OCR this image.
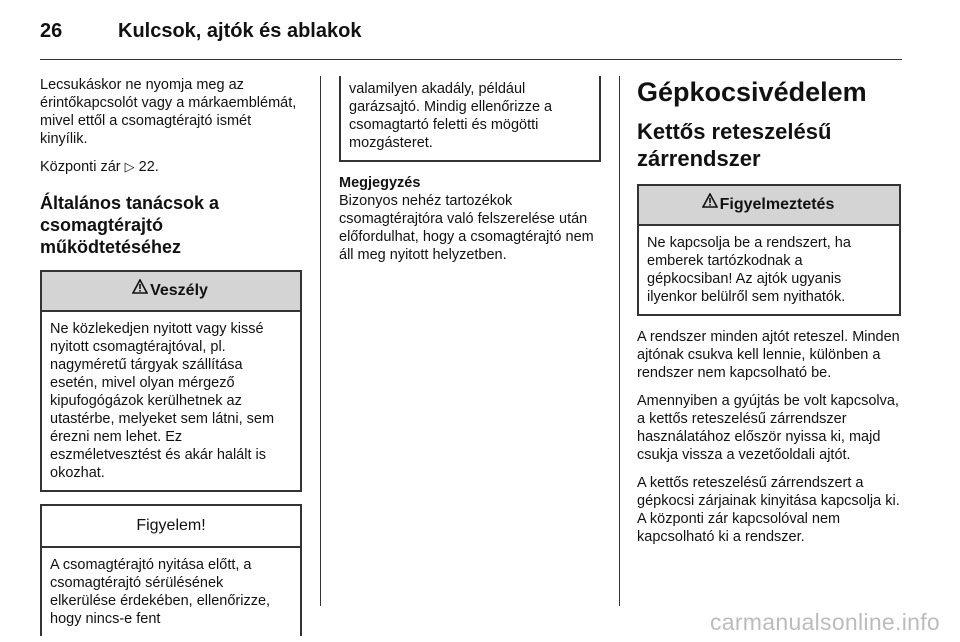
26	Kulcsok, ajtók és ablakok

Lecsukáskor ne nyomja meg az érintőkapcsolót vagy a márkaemblémát, mivel ettől a csomagtérajtó ismét kinyílik.

Központi zár ▷ 22.

Általános tanácsok a csomagtérajtó működtetéséhez
Veszély

Ne közlekedjen nyitott vagy kissé nyitott csomagtérajtóval, pl. nagyméretű tárgyak szállítása esetén, mivel olyan mérgező kipufogógázok kerülhetnek az utastérbe, melyeket sem látni, sem érezni nem lehet. Ez eszméletvesztést és akár halált is okozhat.

Figyelem!

A csomagtérajtó nyitása előtt, a csomagtérajtó sérülésének elkerülése érdekében, ellenőrizze, hogy nincs-e fent

valamilyen akadály, például garázsajtó. Mindig ellenőrizze a csomagtartó feletti és mögötti mozgásteret.

Megjegyzés

Bizonyos nehéz tartozékok csomagtérajtóra való felszerelése után előfordulhat, hogy a csomagtérajtó nem áll meg nyitott helyzetben.

Gépkocsivédelem
Kettős reteszelésű zárrendszer
Figyelmeztetés

Ne kapcsolja be a rendszert, ha emberek tartózkodnak a gépkocsiban! Az ajtók ugyanis ilyenkor belülről sem nyithatók.

A rendszer minden ajtót reteszel. Minden ajtónak csukva kell lennie, különben a rendszer nem kapcsolható be.

Amennyiben a gyújtás be volt kapcsolva, a kettős reteszelésű zárrendszer használatához először nyissa ki, majd csukja vissza a vezetőoldali ajtót.

A kettős reteszelésű zárrendszert a gépkocsi zárjainak kinyitása kapcsolja ki. A központi zár kapcsolóval nem kapcsolható ki a rendszer.

carmanualsonline.info
